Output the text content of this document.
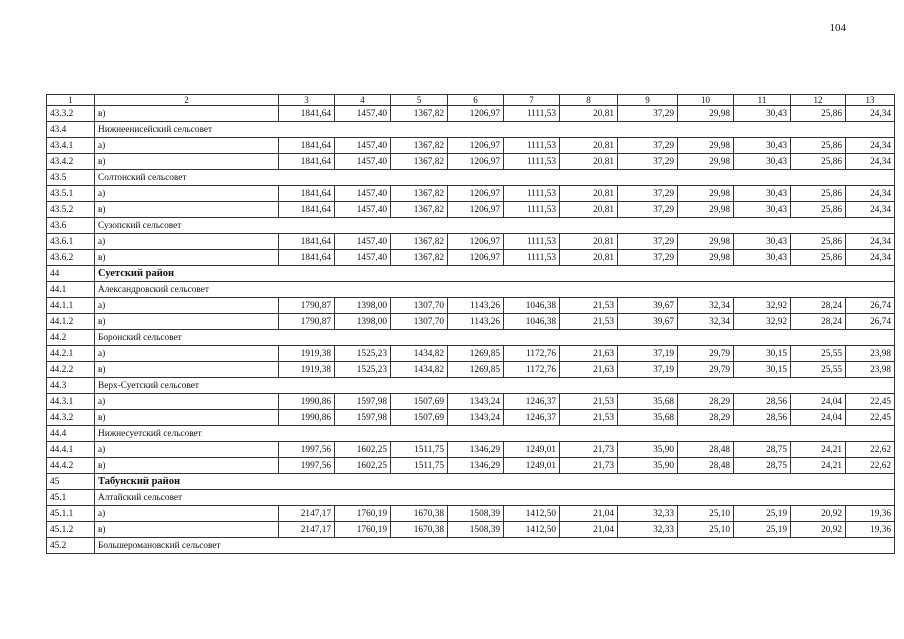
104
1	2	3	4	5	6	7	8	9	10	11	12	13
43.3.2	в)	1841,64	1457,40	1367,82	1206,97	1111,53	20,81	37,29	29,98	30,43	25,86	24,34
43.4	Нижнеенисейский сельсовет											
43.4.1	а)	1841,64	1457,40	1367,82	1206,97	1111,53	20,81	37,29	29,98	30,43	25,86	24,34
43.4.2	в)	1841,64	1457,40	1367,82	1206,97	1111,53	20,81	37,29	29,98	30,43	25,86	24,34
43.5	Солтонский сельсовет											
43.5.1	а)	1841,64	1457,40	1367,82	1206,97	1111,53	20,81	37,29	29,98	30,43	25,86	24,34
43.5.2	в)	1841,64	1457,40	1367,82	1206,97	1111,53	20,81	37,29	29,98	30,43	25,86	24,34
43.6	Сузопский сельсовет											
43.6.1	а)	1841,64	1457,40	1367,82	1206,97	1111,53	20,81	37,29	29,98	30,43	25,86	24,34
43.6.2	в)	1841,64	1457,40	1367,82	1206,97	1111,53	20,81	37,29	29,98	30,43	25,86	24,34
44	Суетский район											
44.1	Александровский сельсовет											
44.1.1	а)	1790,87	1398,00	1307,70	1143,26	1046,38	21,53	39,67	32,34	32,92	28,24	26,74
44.1.2	в)	1790,87	1398,00	1307,70	1143,26	1046,38	21,53	39,67	32,34	32,92	28,24	26,74
44.2	Боронский сельсовет											
44.2.1	а)	1919,38	1525,23	1434,82	1269,85	1172,76	21,63	37,19	29,79	30,15	25,55	23,98
44.2.2	в)	1919,38	1525,23	1434,82	1269,85	1172,76	21,63	37,19	29,79	30,15	25,55	23,98
44.3	Верх-Суетский сельсовет											
44.3.1	а)	1990,86	1597,98	1507,69	1343,24	1246,37	21,53	35,68	28,29	28,56	24,04	22,45
44.3.2	в)	1990,86	1597,98	1507,69	1343,24	1246,37	21,53	35,68	28,29	28,56	24,04	22,45
44.4	Нижнесуетский сельсовет											
44.4.1	а)	1997,56	1602,25	1511,75	1346,29	1249,01	21,73	35,90	28,48	28,75	24,21	22,62
44.4.2	в)	1997,56	1602,25	1511,75	1346,29	1249,01	21,73	35,90	28,48	28,75	24,21	22,62
45	Табунский район											
45.1	Алтайский сельсовет											
45.1.1	а)	2147,17	1760,19	1670,38	1508,39	1412,50	21,04	32,33	25,10	25,19	20,92	19,36
45.1.2	в)	2147,17	1760,19	1670,38	1508,39	1412,50	21,04	32,33	25,10	25,19	20,92	19,36
45.2	Большеромановский сельсовет											
